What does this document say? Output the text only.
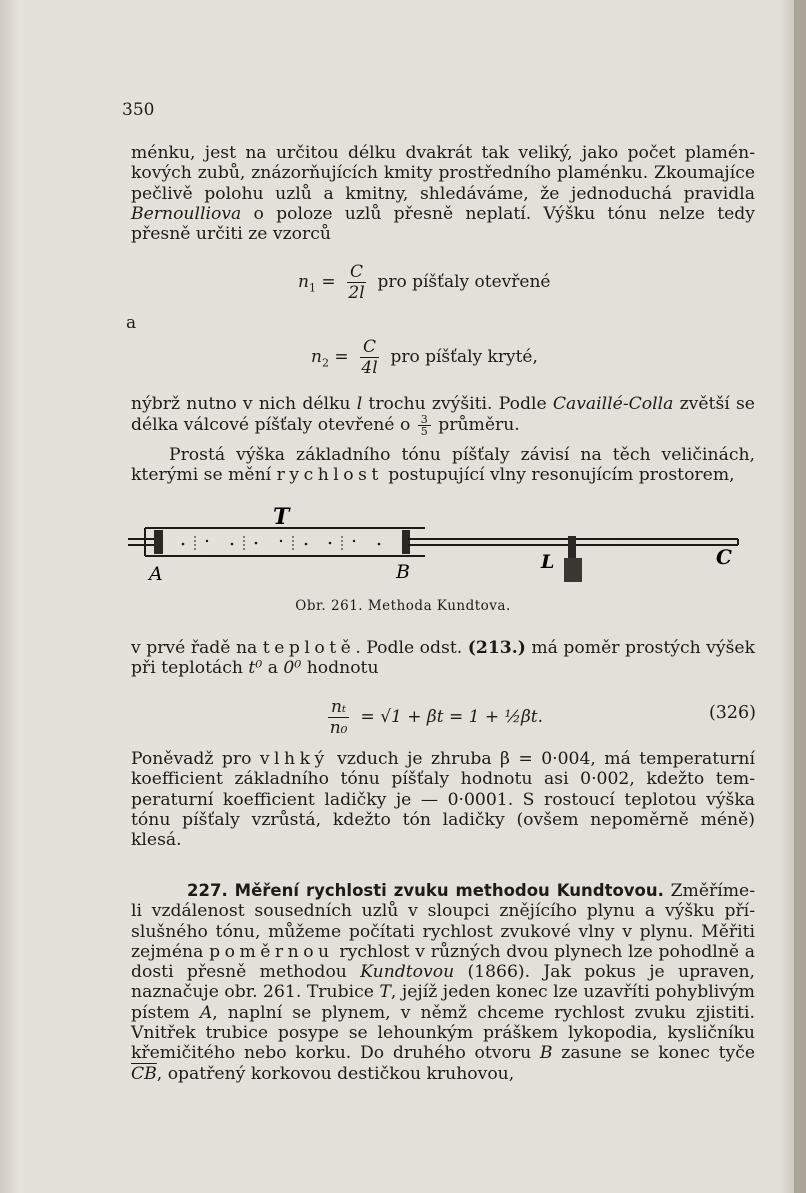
350
ménku, jest na určitou délku dvakrát tak veliký, jako počet plaménkových zubů, znázorňujících kmity prostředního plaménku. Zkoumajíce pečlivě polohu uzlů a kmitny, shledáváme, že jednoduchá pravidla Bernoulliova o poloze uzlů přesně neplatí. Výšku tónu nelze tedy přesně určiti ze vzorců
$n_1 = \frac{C}{2l}$ pro píšťaly otevřené
a
$n_2 = \frac{C}{4l}$ pro píšťaly kryté,
nýbrž nutno v nich délku l trochu zvýšiti. Podle Cavaillé-Colla zvětší se délka válcové píšťaly otevřené o $\frac{3}{5}$ průměru.
Prostá výška základního tónu píšťaly závisí na těch veličinách, kterými se mění rychlost postupující vlny resonujícím prostorem,
T
A	B	L	C
Obr. 261. Methoda Kundtova.
v prvé řadě na teplotě. Podle odst. (213.) má poměr prostých výšek při teplotách t⁰ a 0⁰ hodnotu
$\frac{\text{nₜ}}{\text{n₀}} = √1 + \beta t = 1$ + ½βt.	(326)
Poněvadž pro vlhký vzduch je zhruba β = 0·004, má temperaturní koefficient základního tónu píšťaly hodnotu asi 0·002, kdežto temperaturní koefficient ladičky je — 0·0001. S rostoucí teplotou výška tónu píšťaly vzrůstá, kdežto tón ladičky (ovšem nepoměrně méně) klesá.
227. Měření rychlosti zvuku methodou Kundtovou. Změříme-li vzdálenost sousedních uzlů v sloupci znějícího plynu a výšku příslušného tónu, můžeme počítati rychlost zvukové vlny v plynu. Měřiti zejména poměrnou rychlost v různých dvou plynech lze pohodlně a dosti přesně methodou Kundtovou (1866). Jak pokus je upraven, naznačuje obr. 261. Trubice T, jejíž jeden konec lze uzavříti pohyblivým pístem A, naplní se plynem, v němž chceme rychlost zvuku zjistiti. Vnitřek trubice posype se lehounkým práškem lykopodia, kysličníku křemičitého nebo korku. Do druhého otvoru B zasune se konec tyče $\overline{CB}$, opatřený korkovou destičkou kruhovou,
